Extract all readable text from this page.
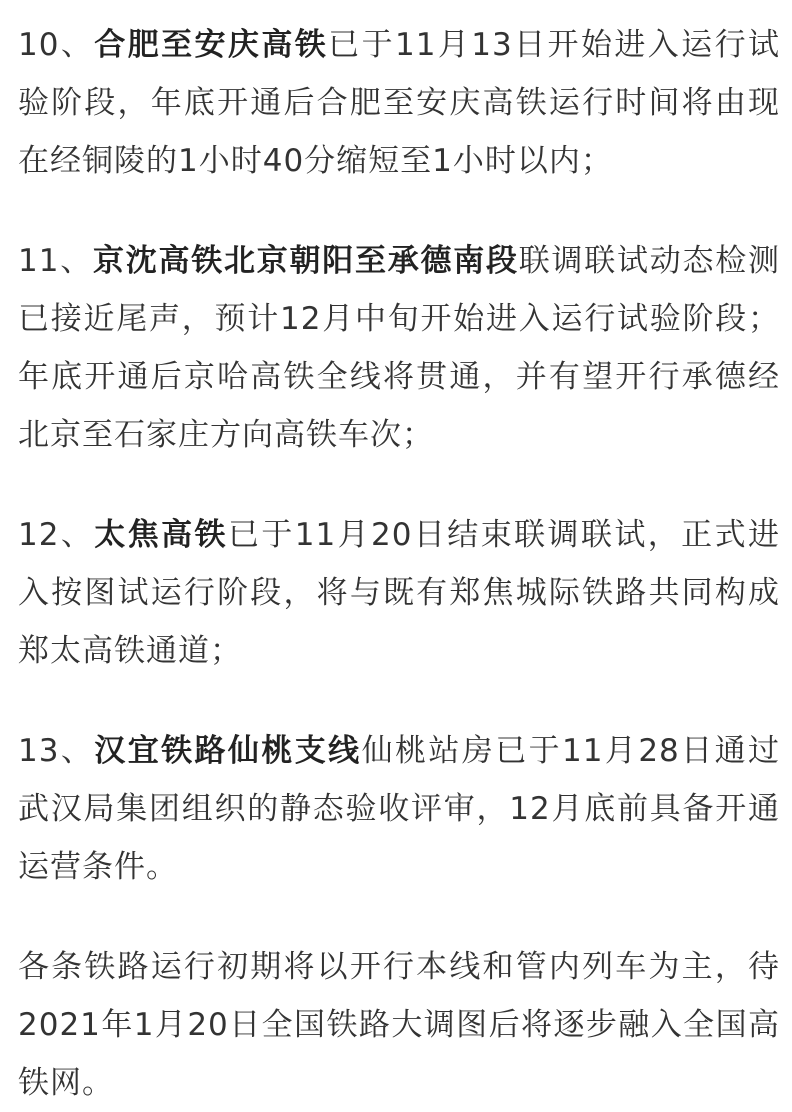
10、合肥至安庆高铁已于11月13日开始进入运行试验阶段，年底开通后合肥至安庆高铁运行时间将由现在经铜陵的1小时40分缩短至1小时以内；

11、京沈高铁北京朝阳至承德南段联调联试动态检测已接近尾声，预计12月中旬开始进入运行试验阶段；年底开通后京哈高铁全线将贯通，并有望开行承德经北京至石家庄方向高铁车次；

12、太焦高铁已于11月20日结束联调联试，正式进入按图试运行阶段，将与既有郑焦城际铁路共同构成郑太高铁通道；

13、汉宜铁路仙桃支线仙桃站房已于11月28日通过武汉局集团组织的静态验收评审，12月底前具备开通运营条件。

各条铁路运行初期将以开行本线和管内列车为主，待2021年1月20日全国铁路大调图后将逐步融入全国高铁网。
